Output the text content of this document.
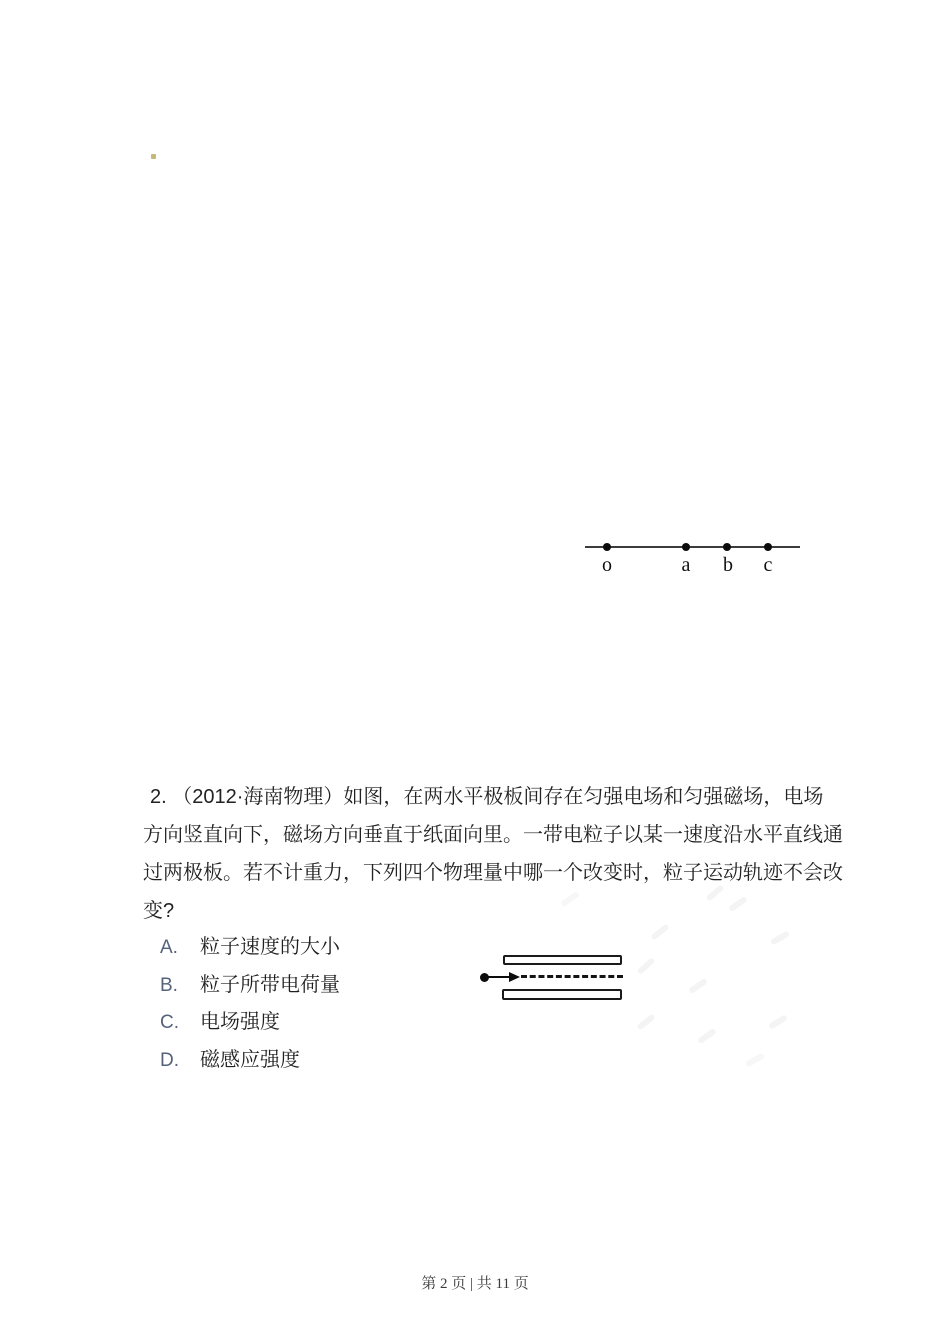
o	a	b	c
2. （2012·海南物理）如图，在两水平极板间存在匀强电场和匀强磁场，电场
方向竖直向下，磁场方向垂直于纸面向里。一带电粒子以某一速度沿水平直线通
过两极板。若不计重力，下列四个物理量中哪一个改变时，粒子运动轨迹不会改
变?
A. 粒子速度的大小
B. 粒子所带电荷量
C. 电场强度
D. 磁感应强度
第 2 页 | 共 11 页
